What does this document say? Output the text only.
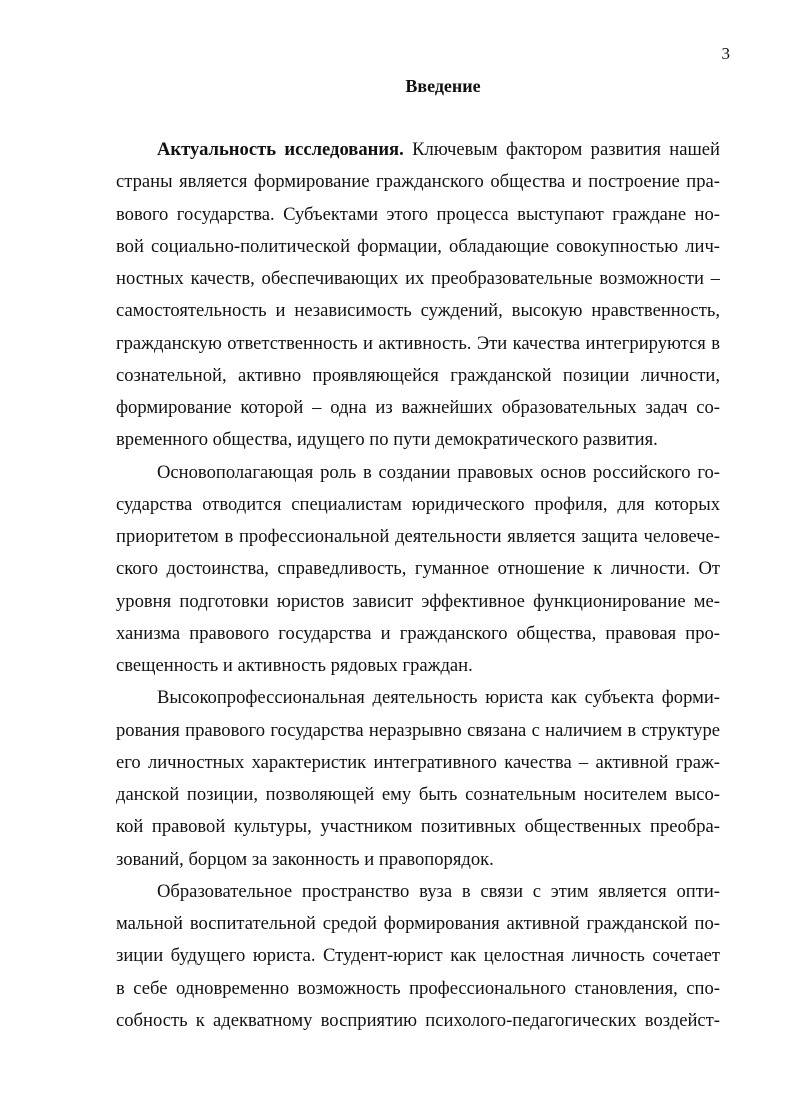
3
Введение
Актуальность исследования. Ключевым фактором развития нашей
страны является формирование гражданского общества и построение пра-
вового государства. Субъектами этого процесса выступают граждане но-
вой социально-политической формации, обладающие совокупностью лич-
ностных качеств, обеспечивающих их преобразовательные возможности –
самостоятельность и независимость суждений, высокую нравственность,
гражданскую ответственность и активность. Эти качества интегрируются в
сознательной, активно проявляющейся гражданской позиции личности,
формирование которой – одна из важнейших образовательных задач со-
временного общества, идущего по пути демократического развития.
Основополагающая роль в создании правовых основ российского го-
сударства отводится специалистам юридического профиля, для которых
приоритетом в профессиональной деятельности является защита человече-
ского достоинства, справедливость, гуманное отношение к личности. От
уровня подготовки юристов зависит эффективное функционирование ме-
ханизма правового государства и гражданского общества, правовая про-
свещенность и активность рядовых граждан.
Высокопрофессиональная деятельность юриста как субъекта форми-
рования правового государства неразрывно связана с наличием в структуре
его личностных характеристик интегративного качества – активной граж-
данской позиции, позволяющей ему быть сознательным носителем высо-
кой правовой культуры, участником позитивных общественных преобра-
зований, борцом за законность и правопорядок.
Образовательное пространство вуза в связи с этим является опти-
мальной воспитательной средой формирования активной гражданской по-
зиции будущего юриста. Студент-юрист как целостная личность сочетает
в себе одновременно возможность профессионального становления, спо-
собность к адекватному восприятию психолого-педагогических воздейст-
